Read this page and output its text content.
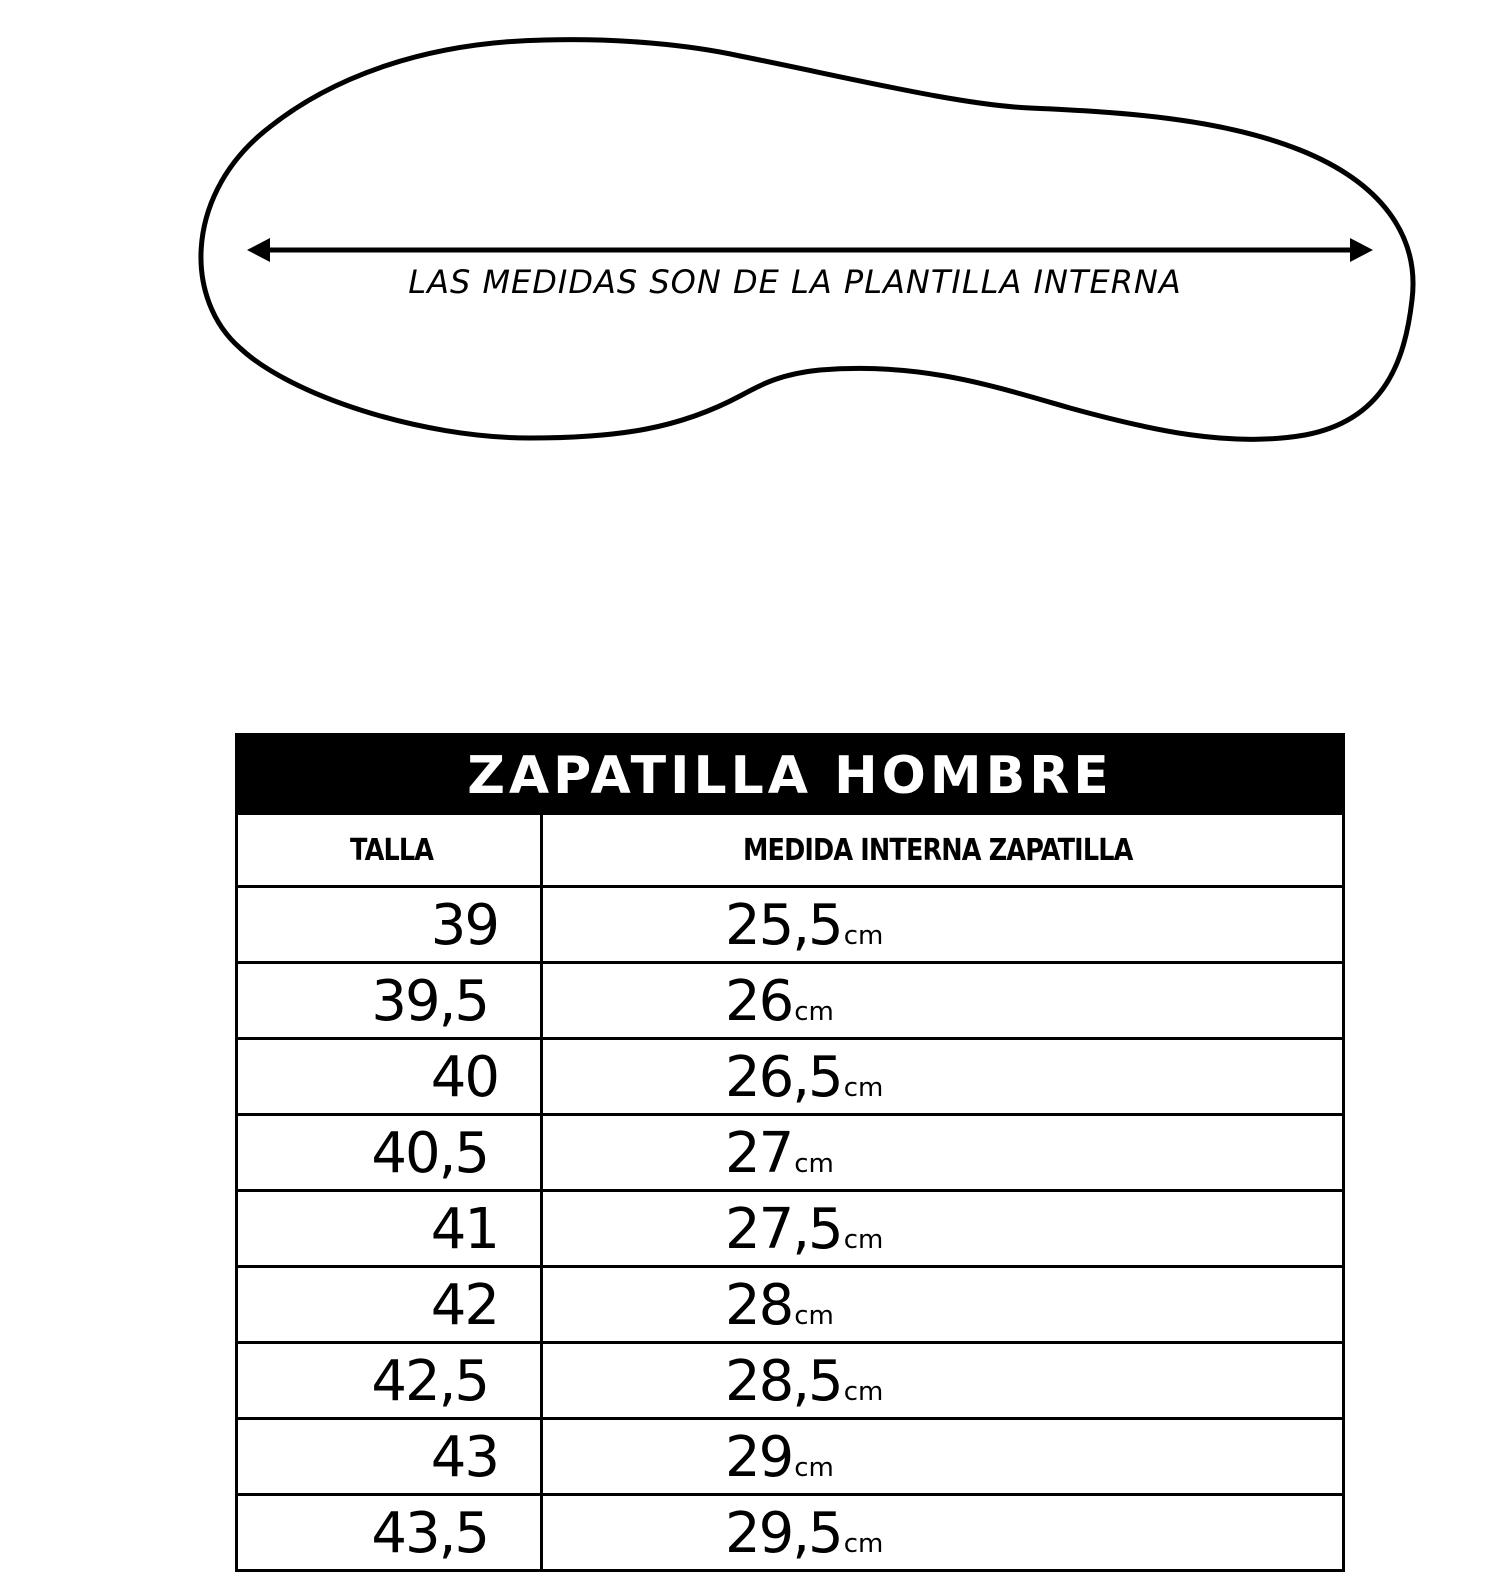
LAS MEDIDAS SON DE LA PLANTILLA INTERNA
ZAPATILLA HOMBRE
TALLA	MEDIDA INTERNA ZAPATILLA
39	25,5cm
39,5	26cm
40	26,5cm
40,5	27cm
41	27,5cm
42	28cm
42,5	28,5cm
43	29cm
43,5	29,5cm
